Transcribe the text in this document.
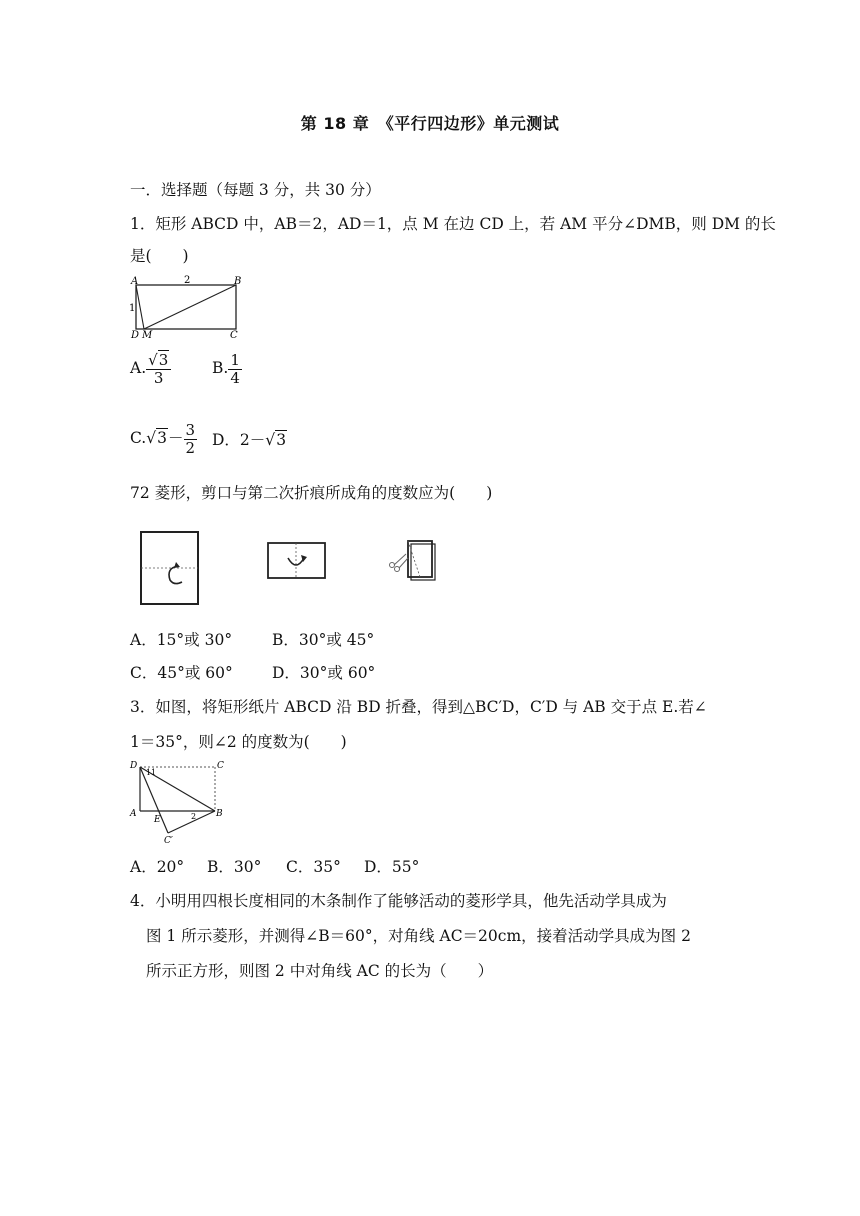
第 18 章　《平行四边形》单元测试
一．选择题（每题 3 分，共 30 分）
1．矩形 ABCD 中，AB＝2，AD＝1，点 M 在边 CD 上，若 AM 平分∠DMB，则 DM 的长
是(　　)
A	B
C
D M
2
1
A. $\frac{√3}{3}$	B. $\frac{1}{4}$
$C.√3- \frac{3}{2}$ D．2－√3
72 菱形，剪口与第二次折痕所成角的度数应为(　　)
A．15°或 30°	B．30°或 45°
C．45°或 60°	D．30°或 60°
3．如图，将矩形纸片 ABCD 沿 BD 折叠，得到△BC′D，C′D 与 AB 交于点 E.若∠
1＝35°，则∠2 的度数为(　　)
D	C
A	B
E
C′
1 1
2
A．20° B．30° C．35° D．55°
4．小明用四根长度相同的木条制作了能够活动的菱形学具，他先活动学具成为
图 1 所示菱形，并测得∠B＝60°，对角线 AC＝20cm，接着活动学具成为图 2
所示正方形，则图 2 中对角线 AC 的长为（　　）
